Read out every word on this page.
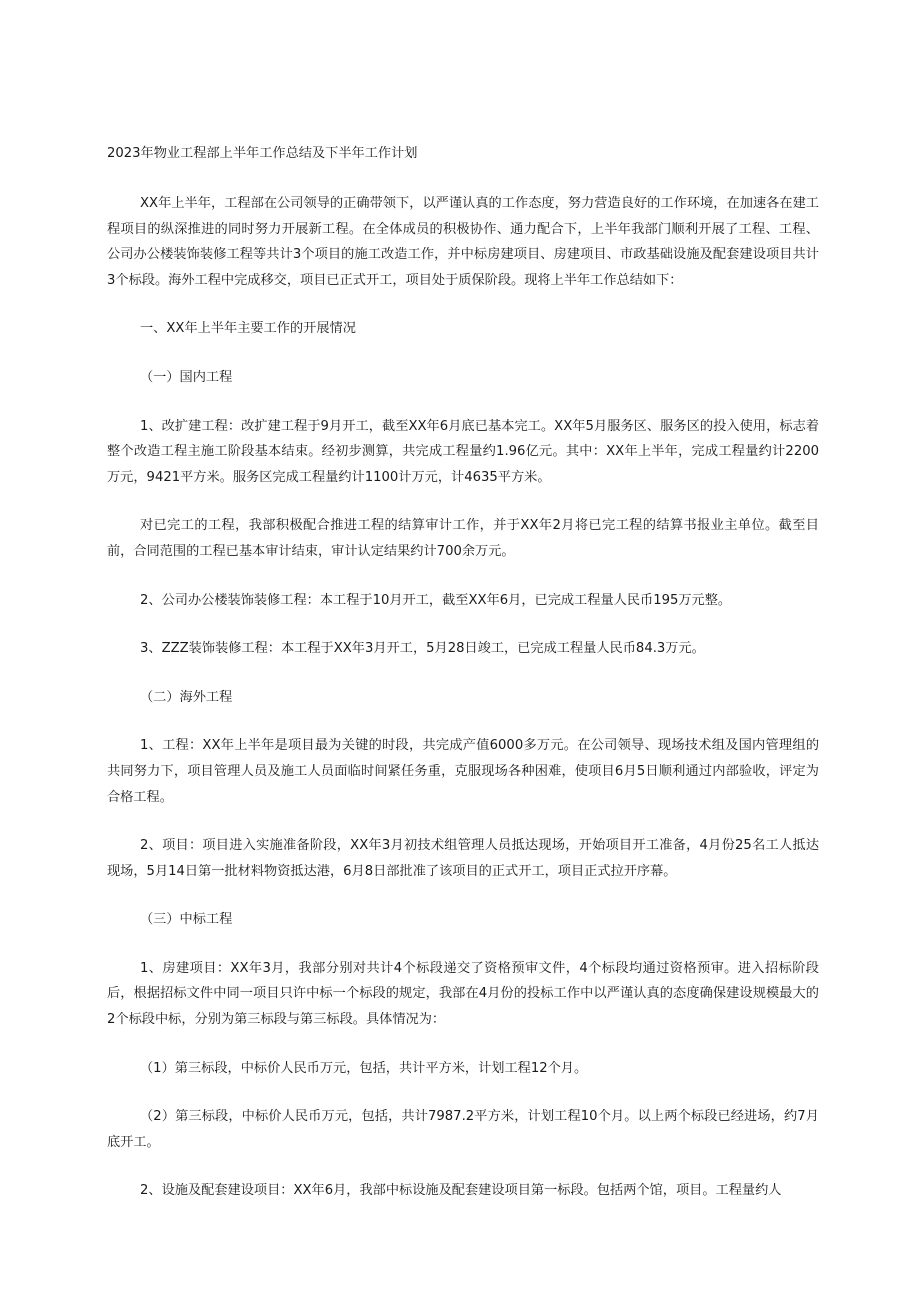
2023年物业工程部上半年工作总结及下半年工作计划

XX年上半年，工程部在公司领导的正确带领下，以严谨认真的工作态度，努力营造良好的工作环境，在加速各在建工程项目的纵深推进的同时努力开展新工程。在全体成员的积极协作、通力配合下，上半年我部门顺利开展了工程、工程、公司办公楼装饰装修工程等共计3个项目的施工改造工作，并中标房建项目、房建项目、市政基础设施及配套建设项目共计3个标段。海外工程中完成移交，项目已正式开工，项目处于质保阶段。现将上半年工作总结如下：

一、XX年上半年主要工作的开展情况

（一）国内工程

1、改扩建工程：改扩建工程于9月开工，截至XX年6月底已基本完工。XX年5月服务区、服务区的投入使用，标志着整个改造工程主施工阶段基本结束。经初步测算，共完成工程量约1.96亿元。其中：XX年上半年，完成工程量约计2200万元，9421平方米。服务区完成工程量约计1100计万元，计4635平方米。

对已完工的工程，我部积极配合推进工程的结算审计工作，并于XX年2月将已完工程的结算书报业主单位。截至目前，合同范围的工程已基本审计结束，审计认定结果约计700余万元。

2、公司办公楼装饰装修工程：本工程于10月开工，截至XX年6月，已完成工程量人民币195万元整。

3、ZZZ装饰装修工程：本工程于XX年3月开工，5月28日竣工，已完成工程量人民币84.3万元。

（二）海外工程

1、工程：XX年上半年是项目最为关键的时段，共完成产值6000多万元。在公司领导、现场技术组及国内管理组的共同努力下，项目管理人员及施工人员面临时间紧任务重，克服现场各种困难，使项目6月5日顺利通过内部验收，评定为合格工程。

2、项目：项目进入实施准备阶段，XX年3月初技术组管理人员抵达现场，开始项目开工准备，4月份25名工人抵达现场，5月14日第一批材料物资抵达港，6月8日部批准了该项目的正式开工，项目正式拉开序幕。

（三）中标工程

1、房建项目：XX年3月，我部分别对共计4个标段递交了资格预审文件，4个标段均通过资格预审。进入招标阶段后，根据招标文件中同一项目只许中标一个标段的规定，我部在4月份的投标工作中以严谨认真的态度确保建设规模最大的2个标段中标，分别为第三标段与第三标段。具体情况为：

（1）第三标段，中标价人民币万元，包括，共计平方米，计划工程12个月。

（2）第三标段，中标价人民币万元，包括，共计7987.2平方米，计划工程10个月。以上两个标段已经进场，约7月底开工。

2、设施及配套建设项目：XX年6月，我部中标设施及配套建设项目第一标段。包括两个馆，项目。工程量约人
